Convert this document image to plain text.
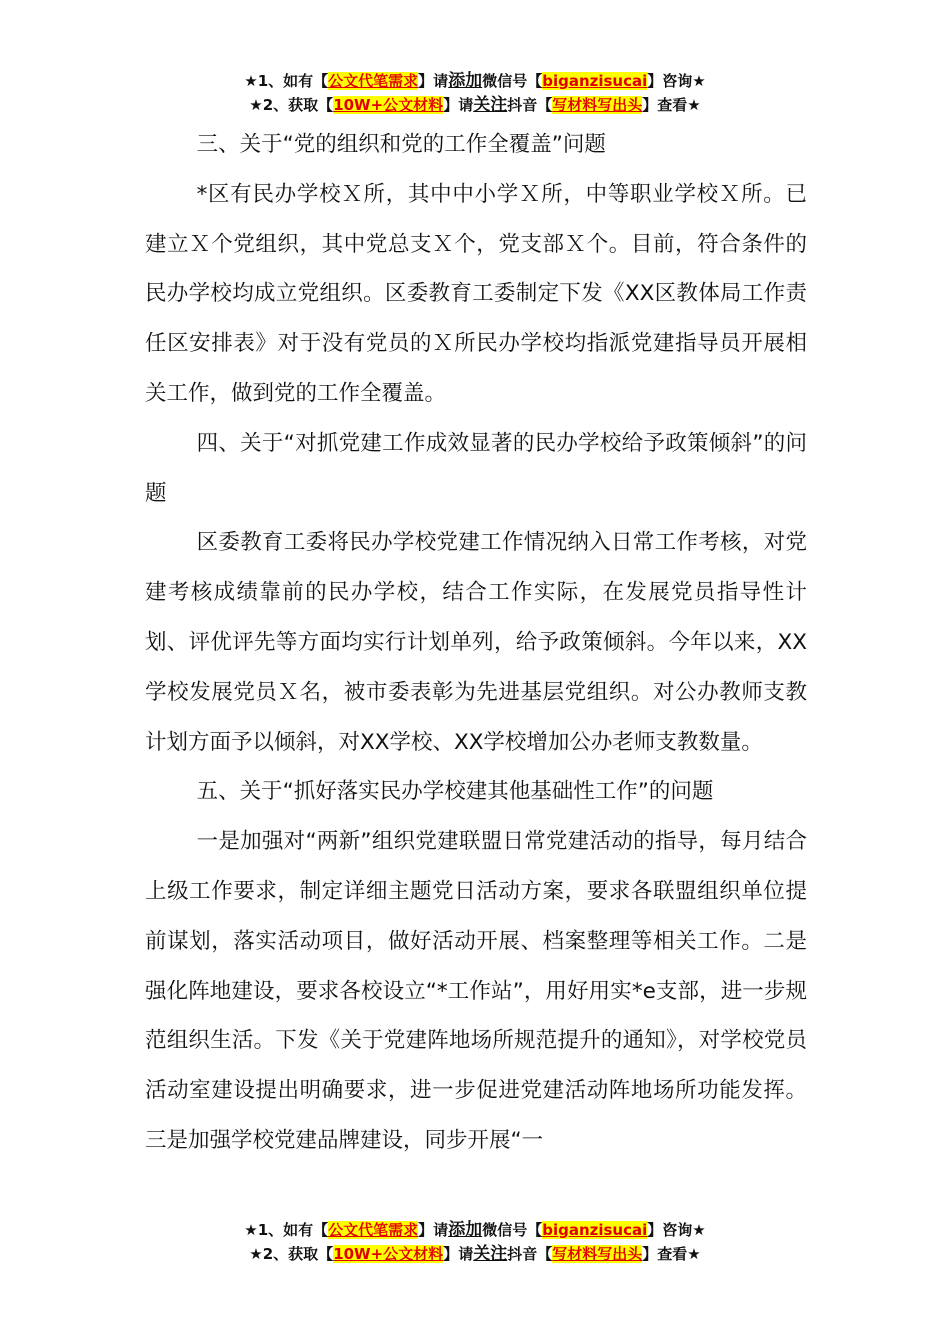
★1、如有【公文代笔需求】请添加微信号【biganzisucai】咨询★
★2、获取【10W+公文材料】请关注抖音【写材料写出头】查看★

三、关于“党的组织和党的工作全覆盖”问题

*区有民办学校Ｘ所，其中中小学Ｘ所，中等职业学校Ｘ所。已建立Ｘ个党组织，其中党总支Ｘ个，党支部Ｘ个。目前，符合条件的民办学校均成立党组织。区委教育工委制定下发《XX区教体局工作责任区安排表》对于没有党员的Ｘ所民办学校均指派党建指导员开展相关工作，做到党的工作全覆盖。

四、关于“对抓党建工作成效显著的民办学校给予政策倾斜”的问题

区委教育工委将民办学校党建工作情况纳入日常工作考核，对党建考核成绩靠前的民办学校，结合工作实际，在发展党员指导性计划、评优评先等方面均实行计划单列，给予政策倾斜。今年以来，XX学校发展党员Ｘ名，被市委表彰为先进基层党组织。对公办教师支教计划方面予以倾斜，对XX学校、XX学校增加公办老师支教数量。

五、关于“抓好落实民办学校建其他基础性工作”的问题

一是加强对“两新”组织党建联盟日常党建活动的指导，每月结合上级工作要求，制定详细主题党日活动方案，要求各联盟组织单位提前谋划，落实活动项目，做好活动开展、档案整理等相关工作。二是强化阵地建设，要求各校设立“*工作站”，用好用实*e支部，进一步规范组织生活。下发《关于党建阵地场所规范提升的通知》，对学校党员活动室建设提出明确要求，进一步促进党建活动阵地场所功能发挥。三是加强学校党建品牌建设，同步开展“一

★1、如有【公文代笔需求】请添加微信号【biganzisucai】咨询★
★2、获取【10W+公文材料】请关注抖音【写材料写出头】查看★
